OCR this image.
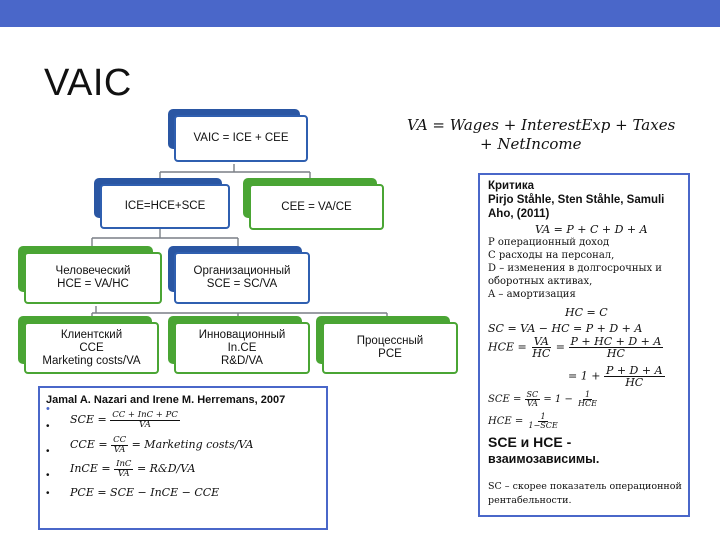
VAIC
VAIC = ICE + CEE
ICE=HCE+SCE	CEE = VA/CE
Человеческий
HCE = VA/HC
Организационный
SCE = SC/VA
Клиентский
CCE
Marketing costs/VA
Инновационный
In.CE
R&D/VA
Процессный
PCE
VA = Wages + InterestExp + Taxes
+ NetIncome
Критика
Pirjo Ståhle, Sten Ståhle, Samuli
Aho, (2011)
VA = P + C + D + A
P операционный доход
C расходы на персонал,
D – изменения в долгосрочных и
оборотных активах,
A – амортизация
HC = C
SC = VA − HC = P + D + A
HCE = $\frac{VA}{HC} = \frac{P + HC + D + A}{HC}$
= $1 + \frac{P + D + A}{HC}$
SCE = $\frac{SC}{VA} = 1 - \frac{1}{\text{HCE}}$
HCE = $\frac{1}{\text{1−SCE}}$
SCE и HCE -
взаимозависимы.
SC – скорее показатель операционной
рентабельности.
Jamal A. Nazari and Irene M. Herremans, 2007
•
•
SCE = $\frac{\text{CC + InC + PC}}{VA}$
•
CCE = $\frac{CC}{VA}$ = Marketing costs/VA
•
InCE = $\frac{\text{InC}}{VA}$ = R&D/VA
• PCE = SCE − InCE − CCE
